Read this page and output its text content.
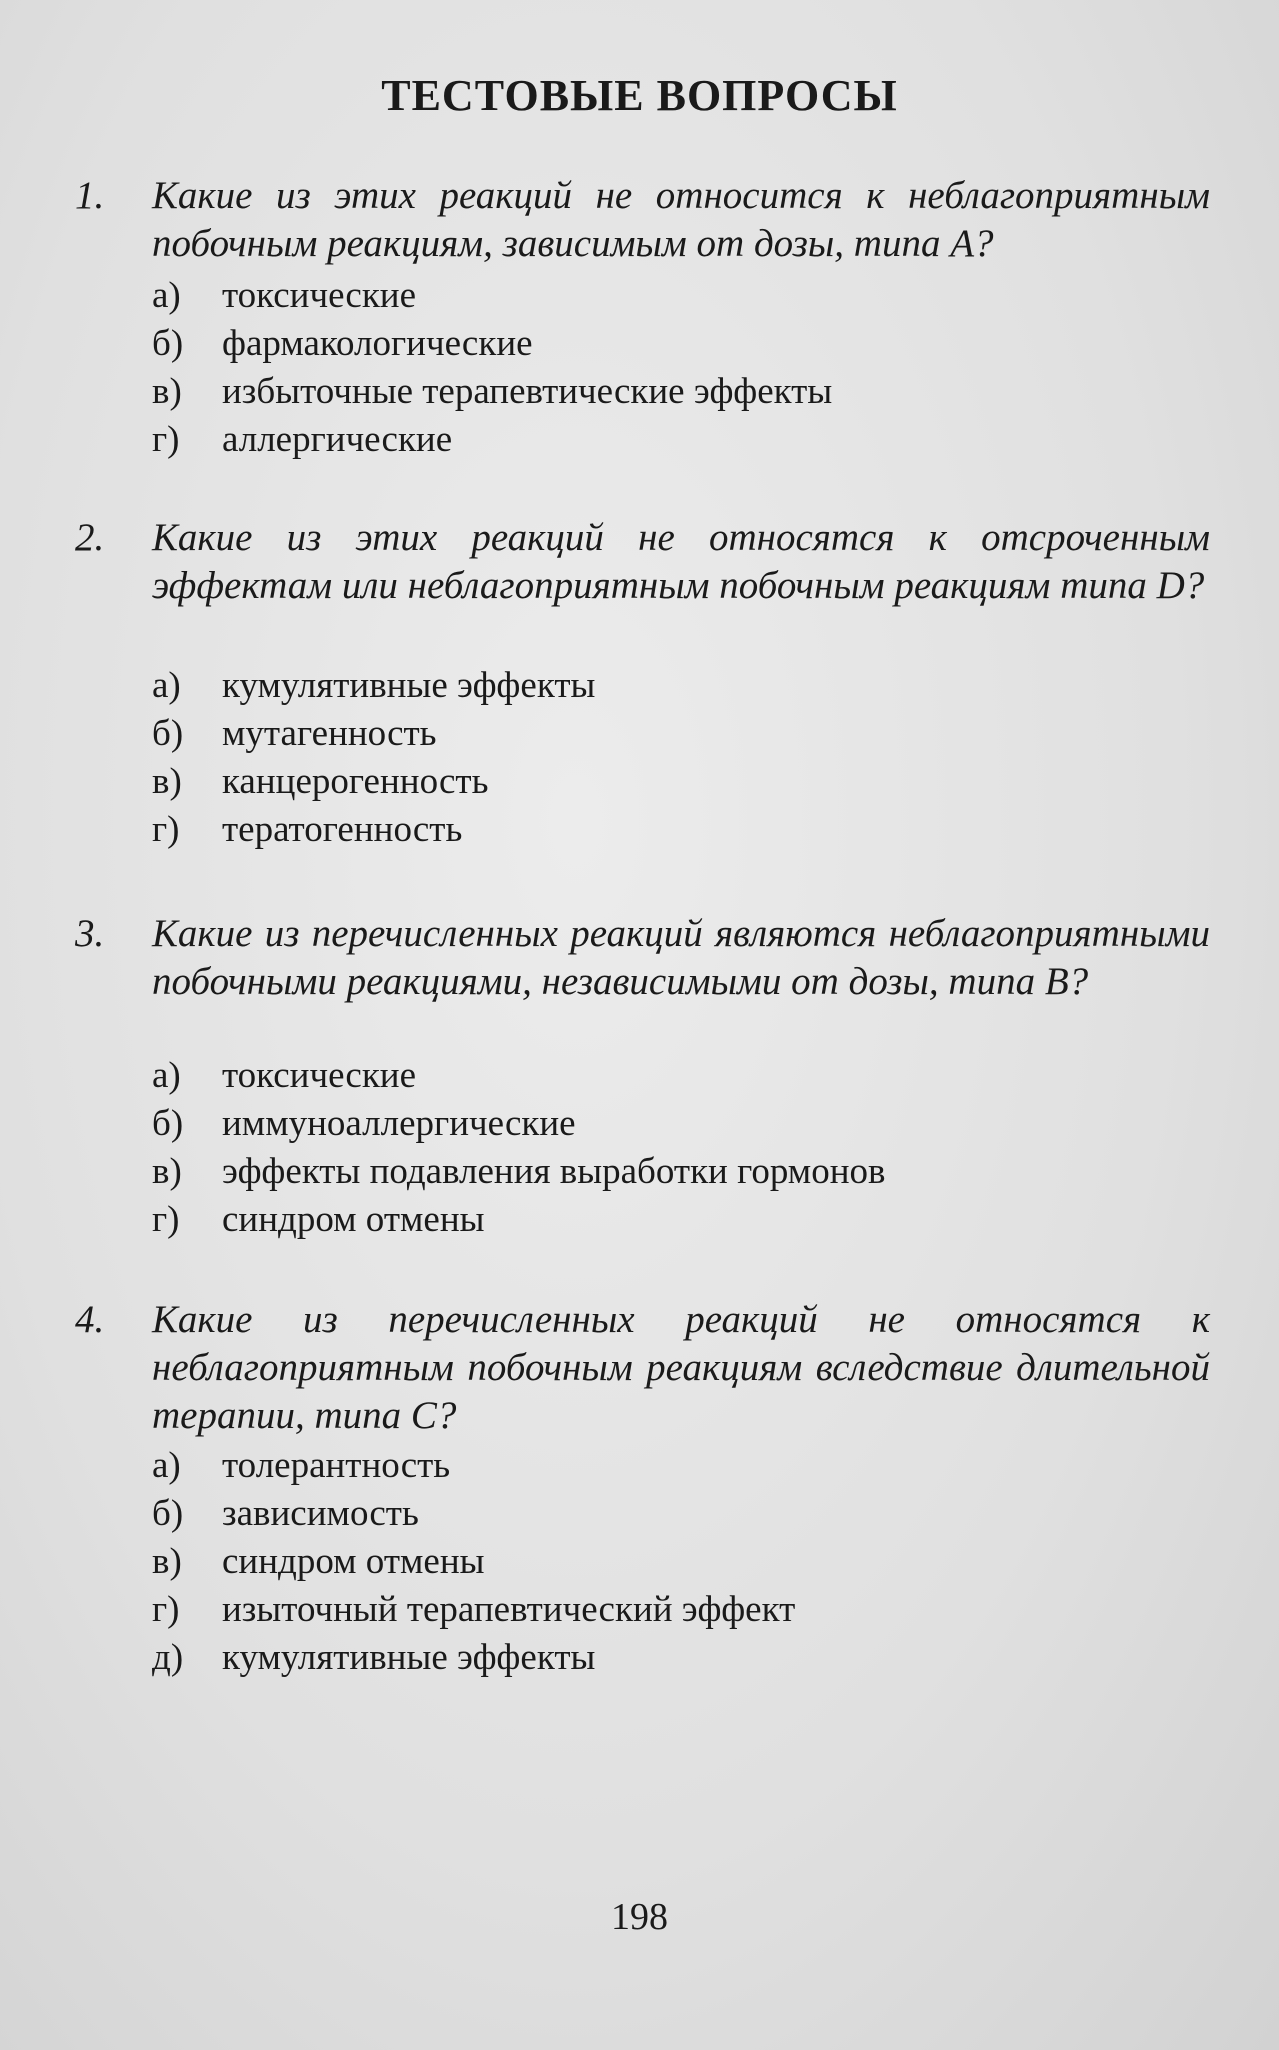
ТЕСТОВЫЕ ВОПРОСЫ
1. Какие из этих реакций не относится к неблагоприятным побочным реакциям, зависимым от дозы, типа А?
а) токсические
б) фармакологические
в) избыточные терапевтические эффекты
г) аллергические
2. Какие из этих реакций не относятся к отсроченным эффектам или неблагоприятным побочным реакциям типа D?
а) кумулятивные эффекты
б) мутагенность
в) канцерогенность
г) тератогенность
3. Какие из перечисленных реакций являются неблагоприятными побочными реакциями, независимыми от дозы, типа В?
а) токсические
б) иммуноаллергические
в) эффекты подавления выработки гормонов
г) синдром отмены
4. Какие из перечисленных реакций не относятся к неблагоприятным побочным реакциям вследствие длительной терапии, типа С?
а) толерантность
б) зависимость
в) синдром отмены
г) изыточный терапевтический эффект
д) кумулятивные эффекты
198
